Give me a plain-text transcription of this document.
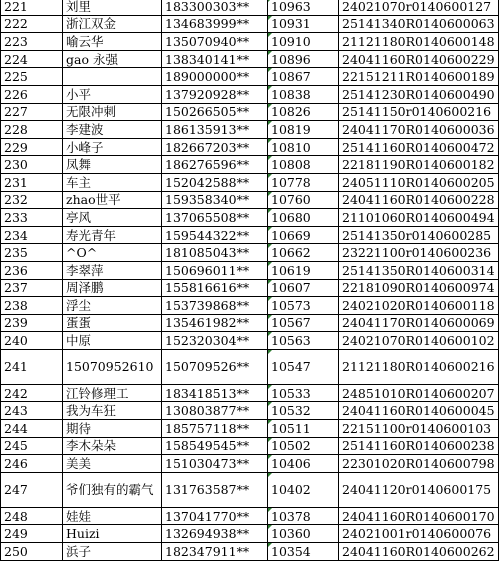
221	刘里	183300303**	10963	24021070r0140600127
222	浙江双金	134683999**	10931	25141340R0140600063
223	喻云华	135070940**	10910	21121180R0140600148
224	gao 永强	138340141**	10896	24041160R0140600229
225		189000000**	10867	22151211R0140600189
226	小平	137920928**	10838	25141230R0140600490
227	无限冲刺	150266505**	10826	25141150r0140600216
228	李建波	186135913**	10819	24041170R0140600036
229	小峰子	182667203**	10810	25141160R0140600472
230	凤舞	186276596**	10808	22181190R0140600182
231	车主	152042588**	10778	24051110R0140600205
232	zhao世平	159358340**	10760	24041160R0140600228
233	亭风	137065508**	10680	21101060R0140600494
234	寿光青年	159544322**	10669	25141350r0140600285
235	^O^	181085043**	10662	23221100r0140600236
236	李翠萍	150696011**	10619	25141350R0140600314
237	周泽鹏	155816616**	10607	22181090R0140600974
238	浮尘	153739868**	10573	24021020R0140600118
239	蛋蛋	135461982**	10567	24041170R0140600069
240	中原	152320304**	10563	24021070R0140600102
241	15070952610	150709526**	10547	21121180R0140600216
242	江铃修理工	183418513**	10533	24851010R0140600207
243	我为车狂	130803877**	10532	24041160R0140600045
244	期待	185757118**	10511	22151100r0140600103
245	李木朵朵	158549545**	10502	25141160R0140600238
246	美美	151030473**	10406	22301020R0140600798
247	爷们独有的霸气	131763587**	10402	24041120r0140600175
248	娃娃	137041770**	10378	24041160R0140600170
249	Huizi	132694938**	10360	24021001r0140600076
250	浜子	182347911**	10354	24041160R0140600262
